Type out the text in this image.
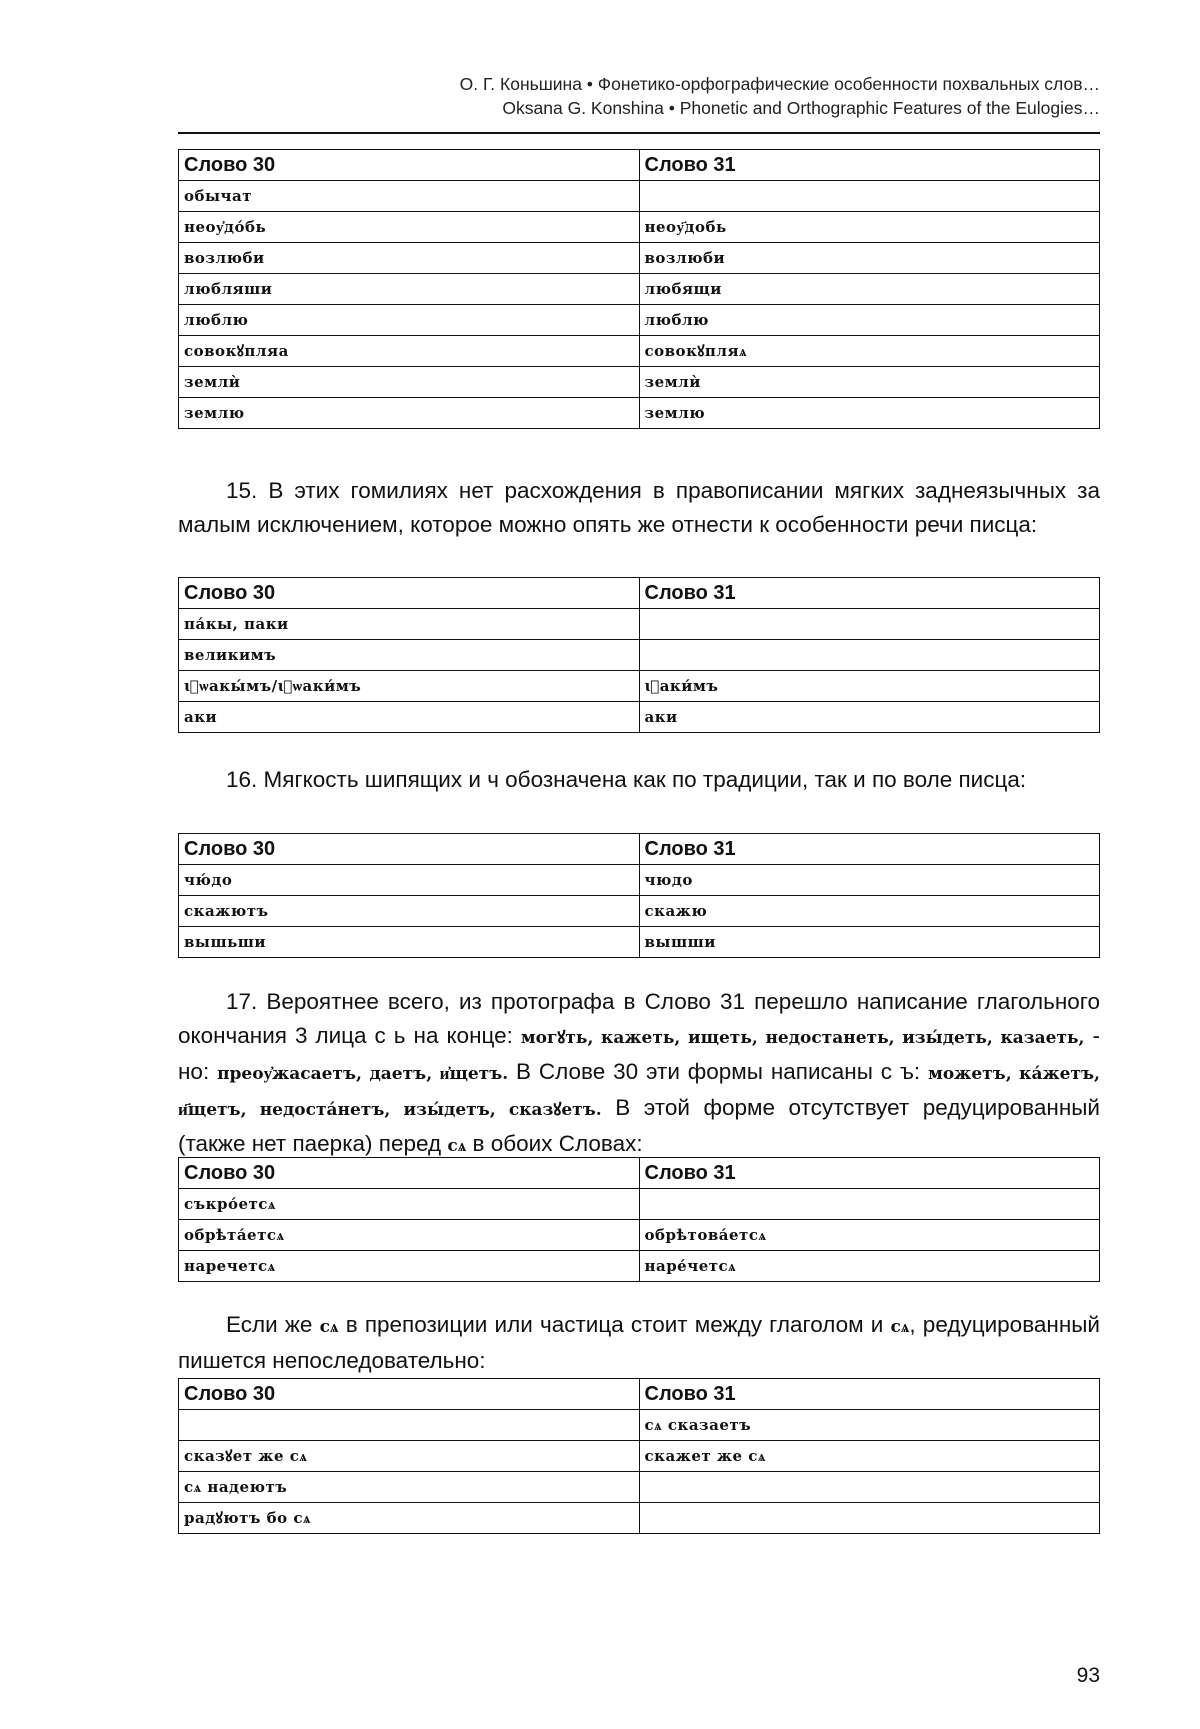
О. Г. Коньшина • Фонетико-орфографические особенности похвальных слов…
Oksana G. Konshina • Phonetic and Orthographic Features of the Eulogies…
Слово 30	Слово 31
обычат	
неоу҆до́бь	неоу҃добь
возлюби	возлюби
любляши	любящи
люблю	люблю
совокꙋпляа	совокꙋпляѧ
землѝ	землѝ
землю	землю

15. В этих гомилиях нет расхождения в правописании мягких заднеязычных за малым исключением, которое можно опять же отнести к особенности речи писца:

Слово 30	Слово 31
па́кы, паки	
великимъ	
ꙇ҆ѡакы́мъ/ꙇ҆ѡаки́мъ	ꙇ҆аки́мъ
аки	аки

16. Мягкость шипящих и ч обозначена как по традиции, так и по воле писца:

Слово 30	Слово 31
чю́до	чюдо
скажютъ	скажю
вышьши	вышши

17. Вероятнее всего, из протографа в Слово 31 перешло написание глагольного окончания 3 лица с ь на конце: могꙋть, кажеть, ищеть, недостанеть, изы́деть, казаеть, - но: преоу҆жасаетъ, даетъ, и҆щетъ. В Слове 30 эти формы написаны с ъ: можетъ, ка́жетъ, и҃щетъ, недоста́нетъ, изы́детъ, сказꙋетъ. В этой форме отсутствует редуцированный (также нет паерка) перед сѧ в обоих Словах:

Слово 30	Слово 31
съкро́етсѧ	
обрѣта́етсѧ	обрѣтова́етсѧ
наречетсѧ	наре́четсѧ

Если же сѧ в препозиции или частица стоит между глаголом и сѧ, редуцированный пишется непоследовательно:

Слово 30	Слово 31
	сѧ сказаетъ
сказꙋет же сѧ	скажет же сѧ
сѧ надеютъ	
радꙋютъ бо сѧ	
93
